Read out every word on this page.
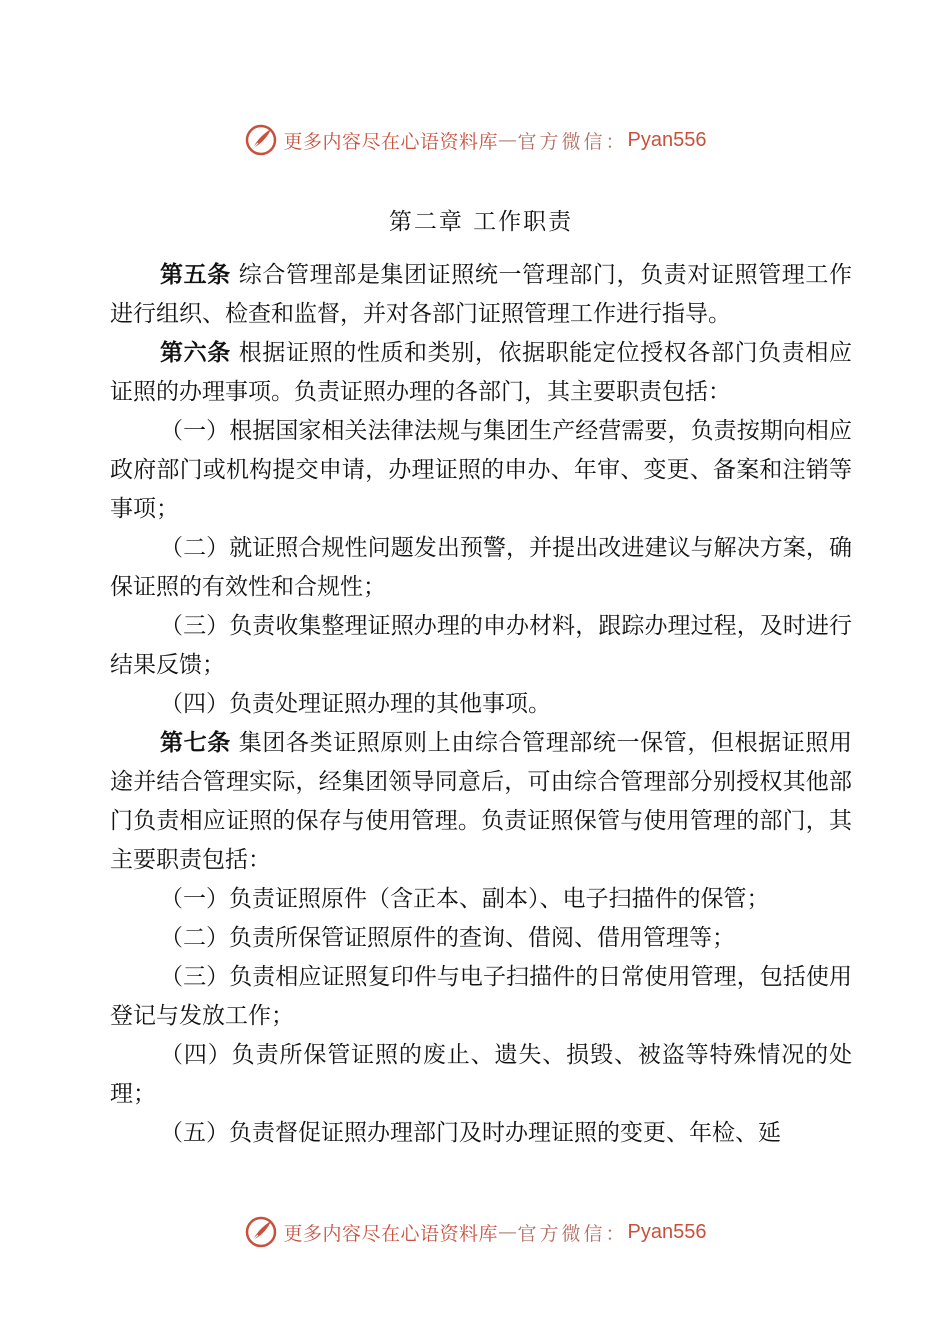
更多内容尽在心语资料库 — 官方微信： Pyan556
第二章 工作职责

第五条 综合管理部是集团证照统一管理部门，负责对证照管理工作进行组织、检查和监督，并对各部门证照管理工作进行指导。

第六条 根据证照的性质和类别，依据职能定位授权各部门负责相应证照的办理事项。负责证照办理的各部门，其主要职责包括：

（一）根据国家相关法律法规与集团生产经营需要，负责按期向相应政府部门或机构提交申请，办理证照的申办、年审、变更、备案和注销等事项；

（二）就证照合规性问题发出预警，并提出改进建议与解决方案，确保证照的有效性和合规性；

（三）负责收集整理证照办理的申办材料，跟踪办理过程，及时进行结果反馈；

（四）负责处理证照办理的其他事项。

第七条 集团各类证照原则上由综合管理部统一保管，但根据证照用途并结合管理实际，经集团领导同意后，可由综合管理部分别授权其他部门负责相应证照的保存与使用管理。负责证照保管与使用管理的部门，其主要职责包括：

（一）负责证照原件（含正本、副本）、电子扫描件的保管；

（二）负责所保管证照原件的查询、借阅、借用管理等；

（三）负责相应证照复印件与电子扫描件的日常使用管理，包括使用登记与发放工作；

（四）负责所保管证照的废止、遗失、损毁、被盗等特殊情况的处理；

（五）负责督促证照办理部门及时办理证照的变更、年检、延

更多内容尽在心语资料库 — 官方微信： Pyan556
